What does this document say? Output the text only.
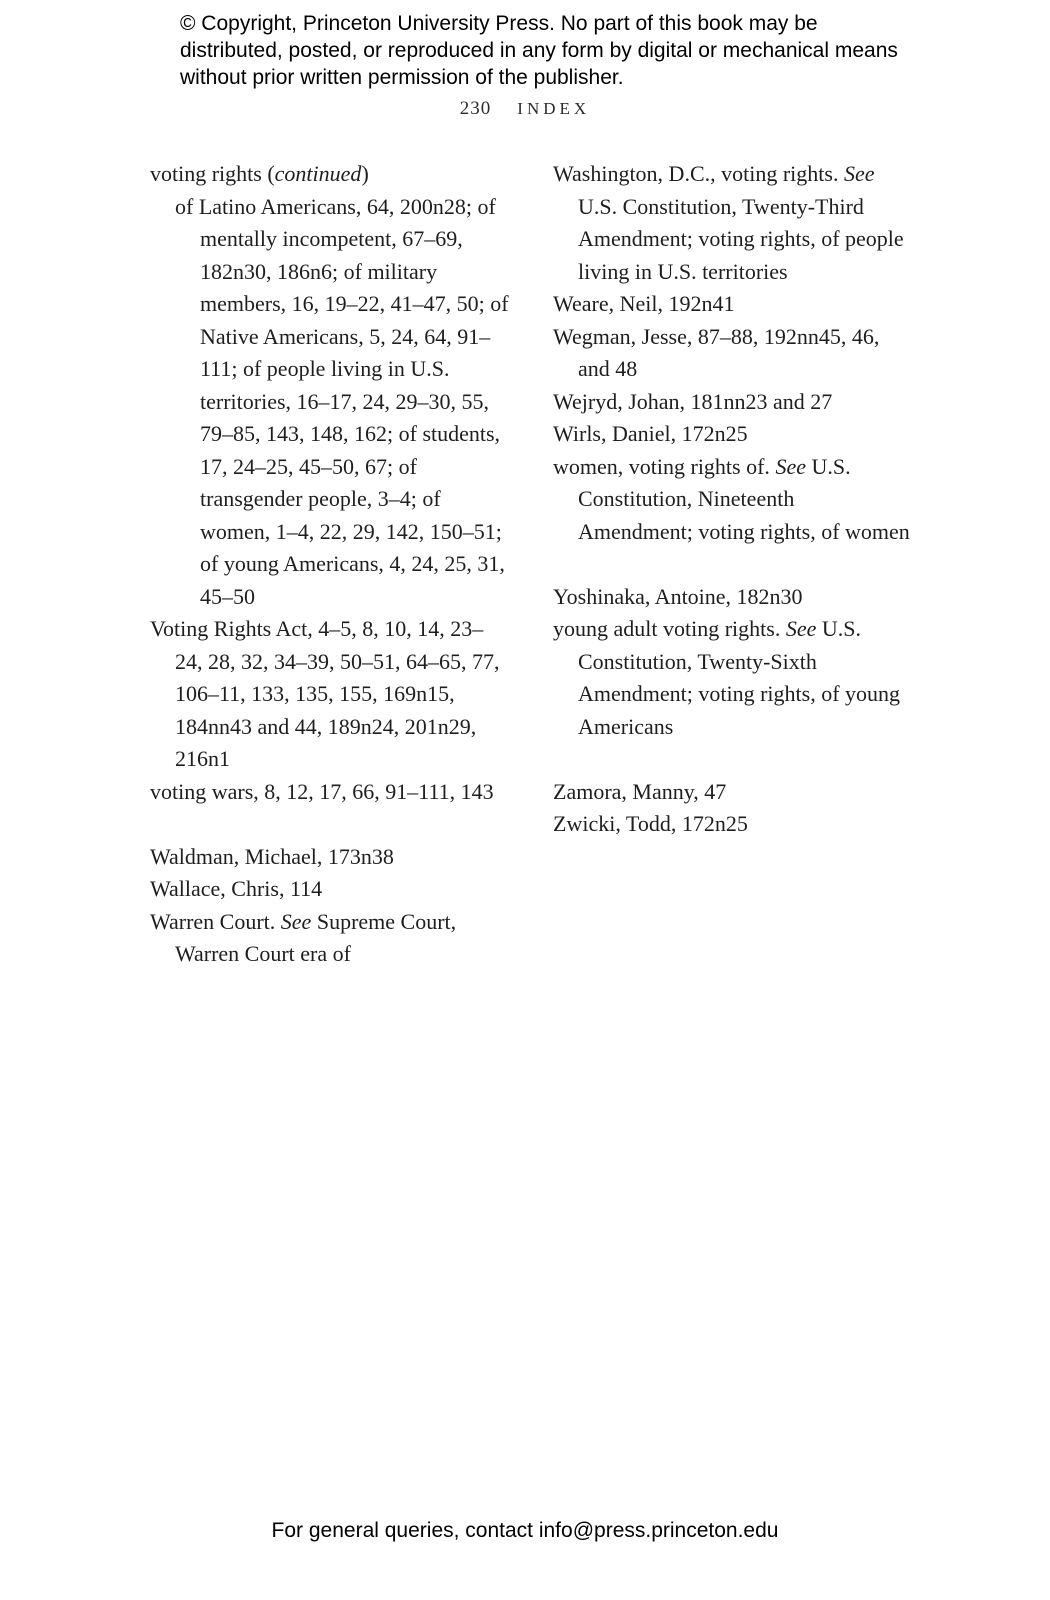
© Copyright, Princeton University Press. No part of this book may be distributed, posted, or reproduced in any form by digital or mechanical means without prior written permission of the publisher.
230 INDEX

voting rights (continued)

of Latino Americans, 64, 200n28; of mentally incompetent, 67–69, 182n30, 186n6; of military members, 16, 19–22, 41–47, 50; of Native Americans, 5, 24, 64, 91–111; of people living in U.S. territories, 16–17, 24, 29–30, 55, 79–85, 143, 148, 162; of students, 17, 24–25, 45–50, 67; of transgender people, 3–4; of women, 1–4, 22, 29, 142, 150–51; of young Americans, 4, 24, 25, 31, 45–50

Voting Rights Act, 4–5, 8, 10, 14, 23–24, 28, 32, 34–39, 50–51, 64–65, 77, 106–11, 133, 135, 155, 169n15, 184nn43 and 44, 189n24, 201n29, 216n1

voting wars, 8, 12, 17, 66, 91–111, 143

Waldman, Michael, 173n38

Wallace, Chris, 114

Warren Court. See Supreme Court, Warren Court era of

Washington, D.C., voting rights. See U.S. Constitution, Twenty-Third Amendment; voting rights, of people living in U.S. territories

Weare, Neil, 192n41

Wegman, Jesse, 87–88, 192nn45, 46, and 48

Wejryd, Johan, 181nn23 and 27

Wirls, Daniel, 172n25

women, voting rights of. See U.S. Constitution, Nineteenth Amendment; voting rights, of women

Yoshinaka, Antoine, 182n30

young adult voting rights. See U.S. Constitution, Twenty-Sixth Amendment; voting rights, of young Americans

Zamora, Manny, 47

Zwicki, Todd, 172n25

For general queries, contact info@press.princeton.edu
